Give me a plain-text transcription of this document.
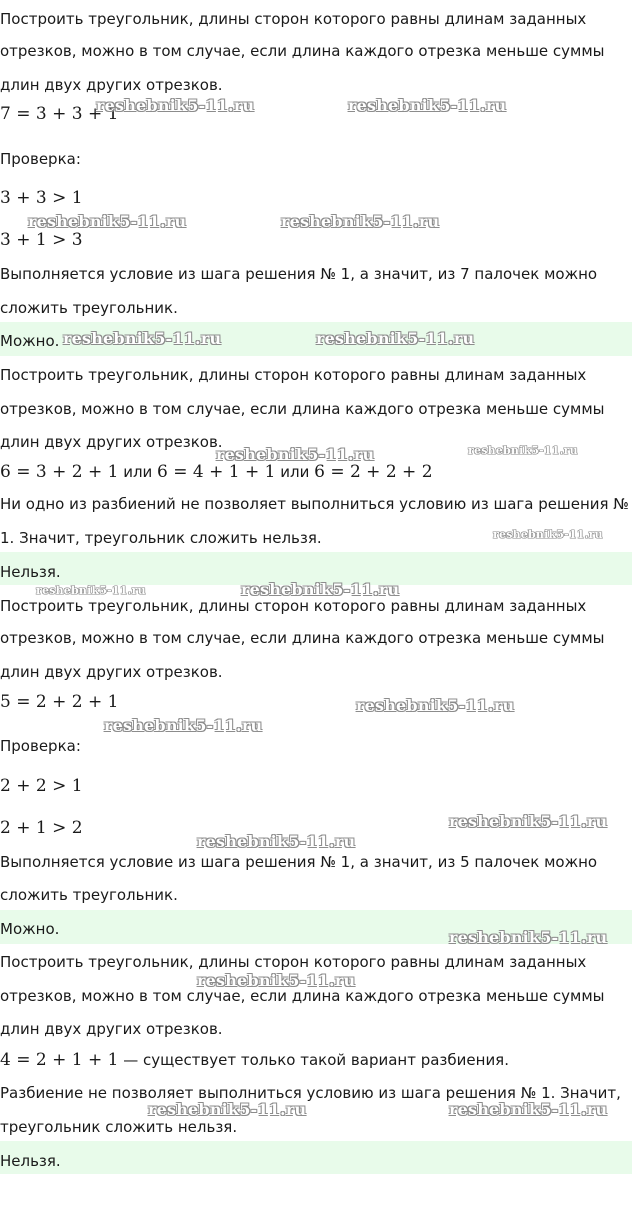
Построить треугольник, длины сторон которого равны длинам заданных
отрезков, можно в том случае, если длина каждого отрезка меньше суммы
длин двух других отрезков.
7 = 3 + 3 + 1
Проверка:
3 + 3 > 1
3 + 1 > 3
Выполняется условие из шага решения № 1, а значит, из 7 палочек можно
сложить треугольник.
Можно.
Построить треугольник, длины сторон которого равны длинам заданных
отрезков, можно в том случае, если длина каждого отрезка меньше суммы
длин двух других отрезков.
6 = 3 + 2 + 1 или 6 = 4 + 1 + 1 или 6 = 2 + 2 + 2
Ни одно из разбиений не позволяет выполниться условию из шага решения №
1. Значит, треугольник сложить нельзя.
Нельзя.
Построить треугольник, длины сторон которого равны длинам заданных
отрезков, можно в том случае, если длина каждого отрезка меньше суммы
длин двух других отрезков.
5 = 2 + 2 + 1
Проверка:
2 + 2 > 1
2 + 1 > 2
Выполняется условие из шага решения № 1, а значит, из 5 палочек можно
сложить треугольник.
Можно.
Построить треугольник, длины сторон которого равны длинам заданных
отрезков, можно в том случае, если длина каждого отрезка меньше суммы
длин двух других отрезков.
4 = 2 + 1 + 1 — существует только такой вариант разбиения.
Разбиение не позволяет выполниться условию из шага решения № 1. Значит,
треугольник сложить нельзя.
Нельзя.
reshebnik5-11.ru	reshebnik5-11.ru
reshebnik5-11.ru	reshebnik5-11.ru
reshebnik5-11.ru	reshebnik5-11.ru
reshebnik5-11.ru	reshebnik5-11.ru
reshebnik5-11.ru
reshebnik5-11.ru	reshebnik5-11.ru
reshebnik5-11.ru
reshebnik5-11.ru
reshebnik5-11.ru
reshebnik5-11.ru
reshebnik5-11.ru
reshebnik5-11.ru
reshebnik5-11.ru	reshebnik5-11.ru
